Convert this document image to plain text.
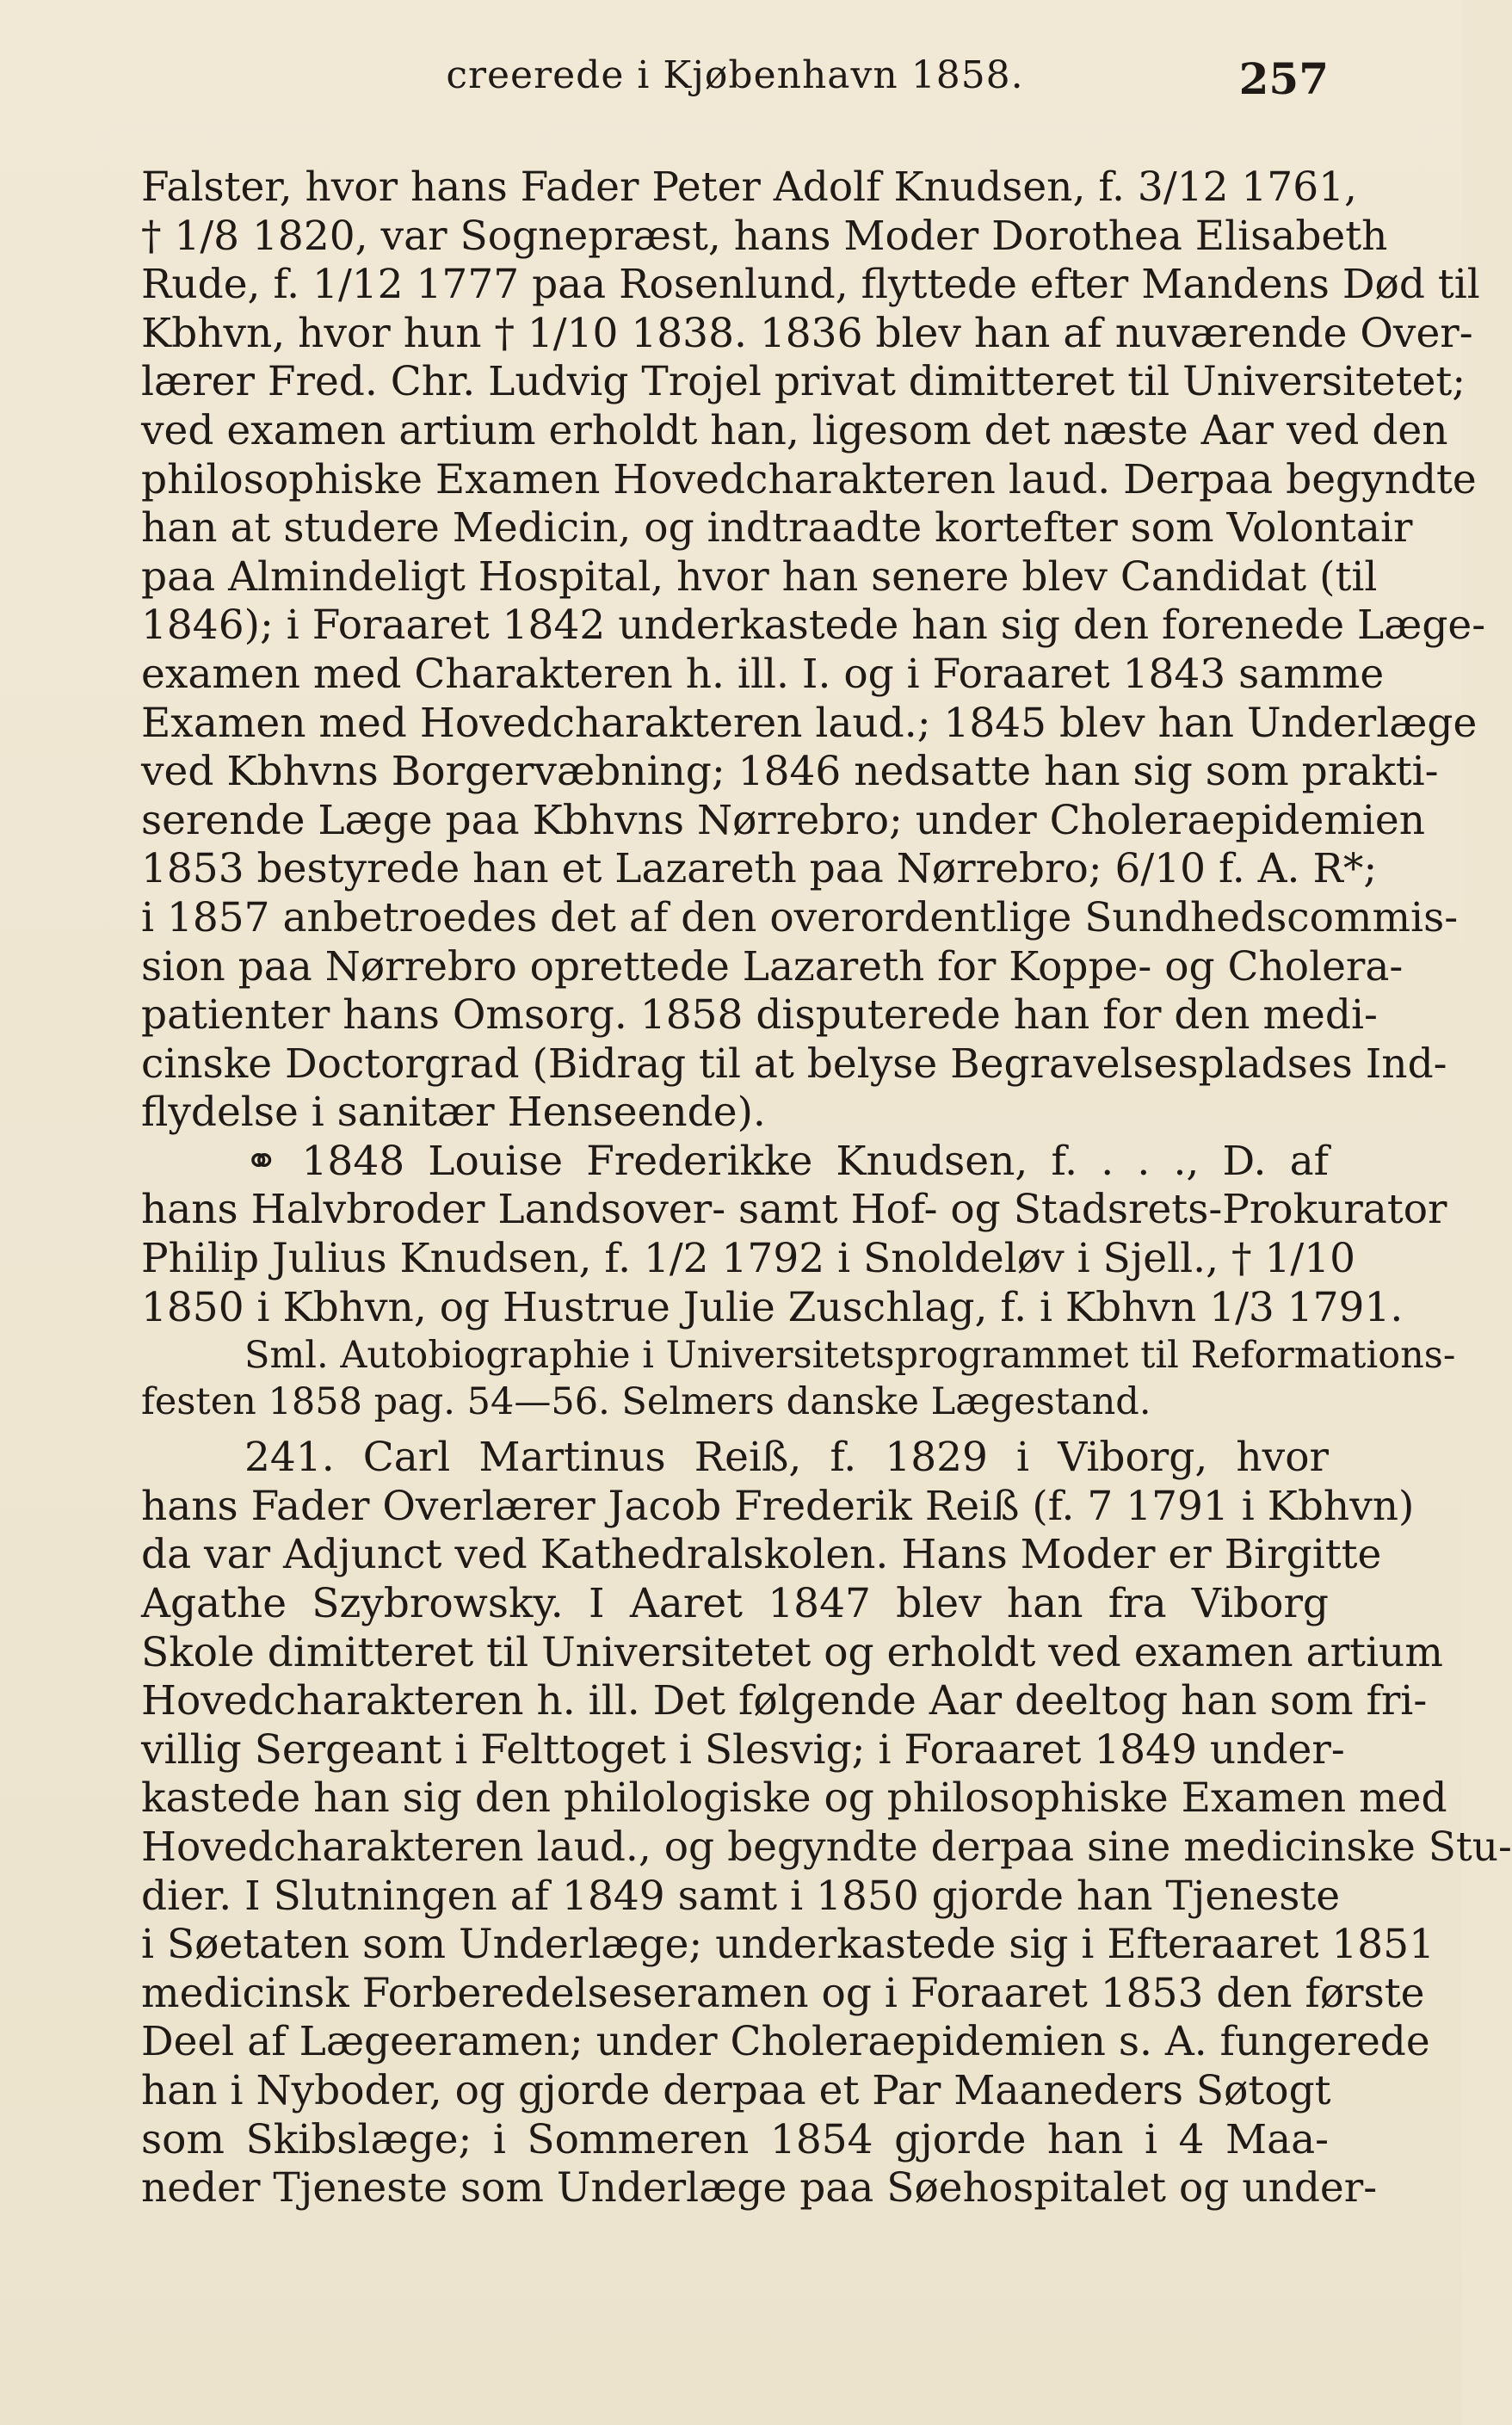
creerede i Kjøbenhavn 1858.	257
Falster, hvor hans Fader Peter Adolf Knudsen, f. 3/12 1761,
† 1/8 1820, var Sognepræst, hans Moder Dorothea Elisabeth
Rude, f. 1/12 1777 paa Rosenlund, flyttede efter Mandens Død til
Kbhvn, hvor hun † 1/10 1838. 1836 blev han af nuværende Over-
lærer Fred. Chr. Ludvig Trojel privat dimitteret til Universitetet;
ved examen artium erholdt han, ligesom det næste Aar ved den
philosophiske Examen Hovedcharakteren laud. Derpaa begyndte
han at studere Medicin, og indtraadte kortefter som Volontair
paa Almindeligt Hospital, hvor han senere blev Candidat (til
1846); i Foraaret 1842 underkastede han sig den forenede Læge-
examen med Charakteren h. ill. I. og i Foraaret 1843 samme
Examen med Hovedcharakteren laud.; 1845 blev han Underlæge
ved Kbhvns Borgervæbning; 1846 nedsatte han sig som prakti-
serende Læge paa Kbhvns Nørrebro; under Choleraepidemien
1853 bestyrede han et Lazareth paa Nørrebro; 6/10 f. A. R*;
i 1857 anbetroedes det af den overordentlige Sundhedscommis-
sion paa Nørrebro oprettede Lazareth for Koppe- og Cholera-
patienter hans Omsorg. 1858 disputerede han for den medi-
cinske Doctorgrad (Bidrag til at belyse Begravelsespladses Ind-
flydelse i sanitær Henseende).
⚭ 1848 Louise Frederikke Knudsen, f. . . ., D. af
hans Halvbroder Landsover- samt Hof- og Stadsrets-Prokurator
Philip Julius Knudsen, f. 1/2 1792 i Snoldeløv i Sjell., † 1/10
1850 i Kbhvn, og Hustrue Julie Zuschlag, f. i Kbhvn 1/3 1791.
Sml. Autobiographie i Universitetsprogrammet til Reformations-
festen 1858 pag. 54—56. Selmers danske Lægestand.
241. Carl Martinus Reiß, f. 1829 i Viborg, hvor
hans Fader Overlærer Jacob Frederik Reiß (f. 7 1791 i Kbhvn)
da var Adjunct ved Kathedralskolen. Hans Moder er Birgitte
Agathe Szybrowsky. I Aaret 1847 blev han fra Viborg
Skole dimitteret til Universitetet og erholdt ved examen artium
Hovedcharakteren h. ill. Det følgende Aar deeltog han som fri-
villig Sergeant i Felttoget i Slesvig; i Foraaret 1849 under-
kastede han sig den philologiske og philosophiske Examen med
Hovedcharakteren laud., og begyndte derpaa sine medicinske Stu-
dier. I Slutningen af 1849 samt i 1850 gjorde han Tjeneste
i Søetaten som Underlæge; underkastede sig i Efteraaret 1851
medicinsk Forberedelseseramen og i Foraaret 1853 den første
Deel af Lægeeramen; under Choleraepidemien s. A. fungerede
han i Nyboder, og gjorde derpaa et Par Maaneders Søtogt
som Skibslæge; i Sommeren 1854 gjorde han i 4 Maa-
neder Tjeneste som Underlæge paa Søehospitalet og under-
